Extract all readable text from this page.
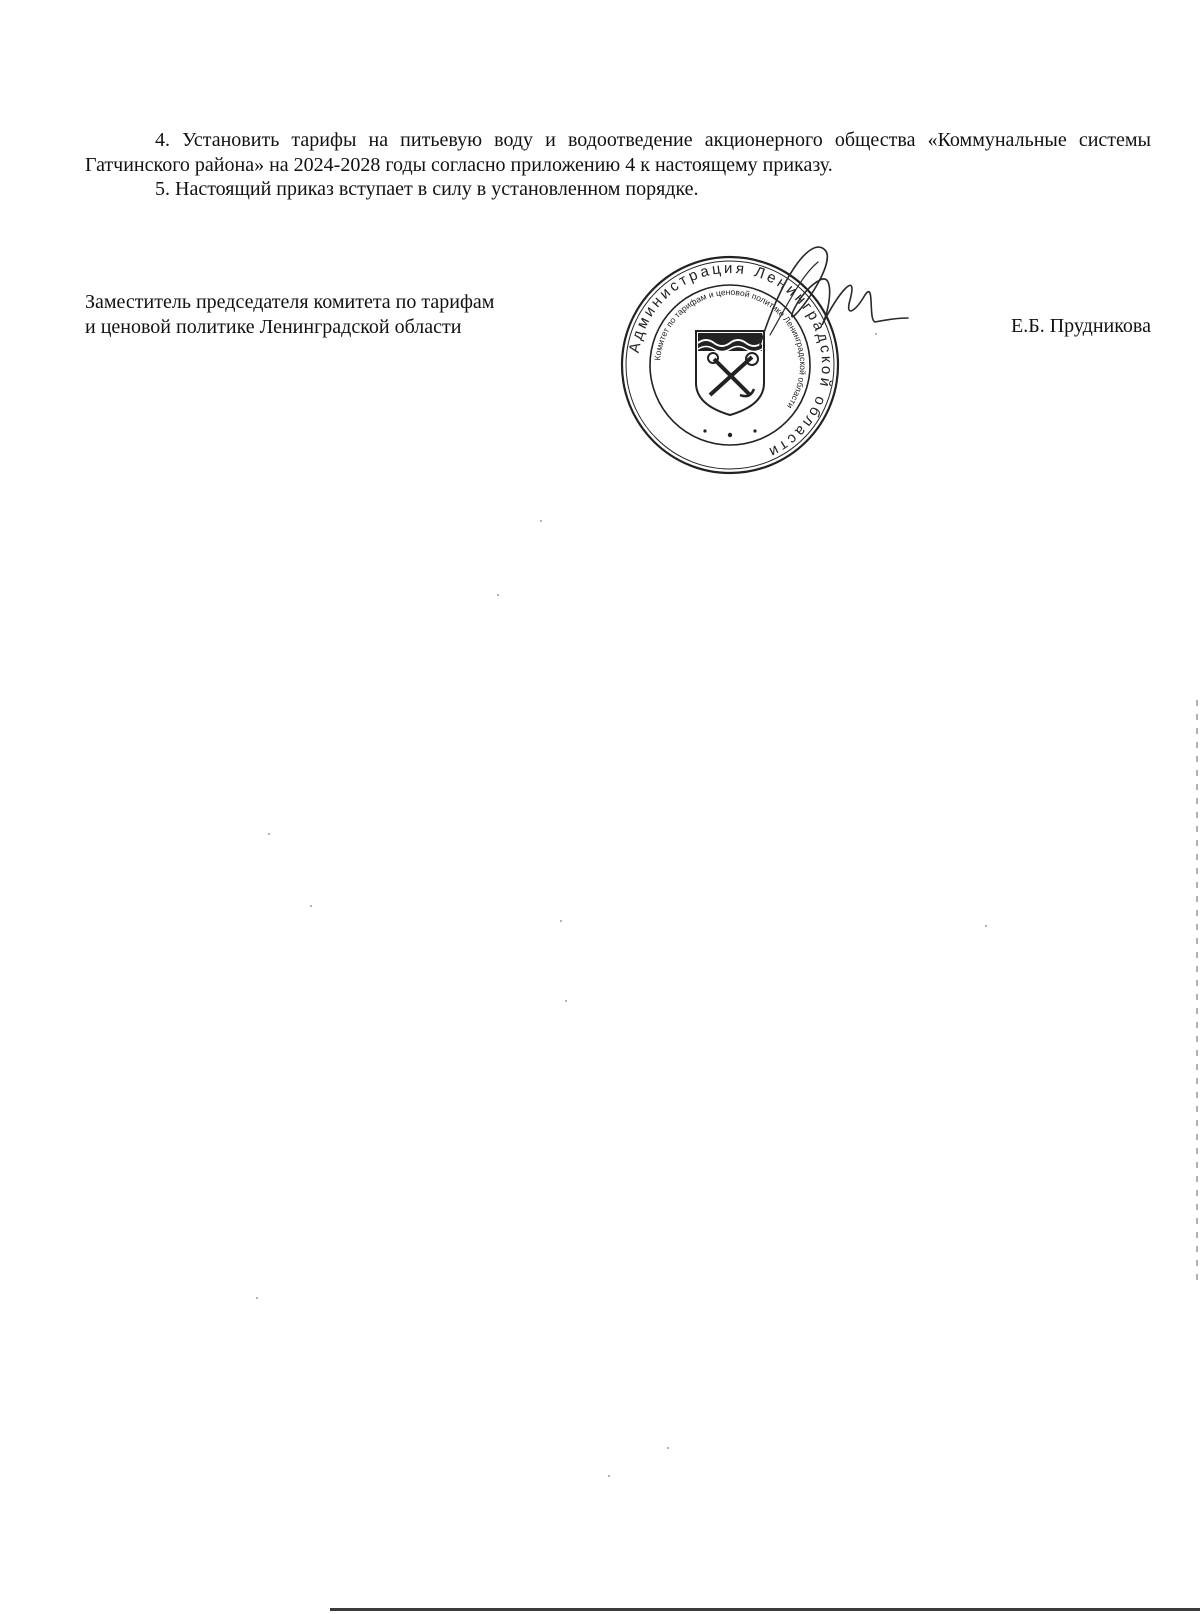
4. Установить тарифы на питьевую воду и водоотведение акционерного общества «Коммунальные системы Гатчинского района» на 2024-2028 годы согласно приложению 4 к настоящему приказу.

5. Настоящий приказ вступает в силу в установленном порядке.

Заместитель председателя комитета по тарифам
и ценовой политике Ленинградской области	Е.Б. Прудникова
Администрация Ленинградской области
Комитет по тарифам и ценовой политике Ленинградской области
